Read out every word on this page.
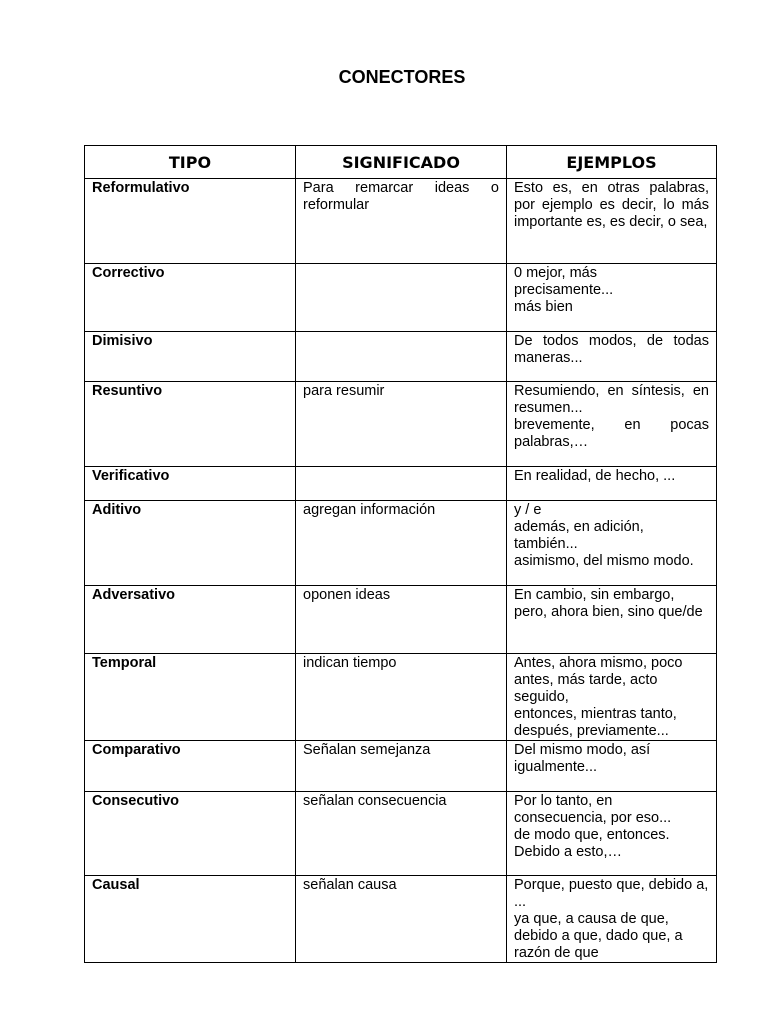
CONECTORES
TIPO	SIGNIFICADO	EJEMPLOS
Reformulativo	Para remarcar ideas o reformular	Esto es, en otras palabras, por ejemplo es decir, lo más importante es, es decir, o sea,

Correctivo		0 mejor, más
precisamente...
más bien

Dimisivo		De todos modos, de todas maneras...

Resuntivo	para resumir	Resumiendo, en síntesis, en resumen...
brevemente, en pocas palabras,…

Verificativo		En realidad, de hecho, ...

Aditivo	agregan información	y / e
además, en adición, también...
asimismo, del mismo modo.

Adversativo	oponen ideas	En cambio, sin embargo, pero, ahora bien, sino que/de

Temporal	indican tiempo	Antes, ahora mismo, poco antes, más tarde, acto seguido,
entonces, mientras tanto, después, previamente...

Comparativo	Señalan semejanza	Del mismo modo, así igualmente...

Consecutivo	señalan consecuencia	Por lo tanto, en consecuencia, por eso...
de modo que, entonces.
Debido a esto,…

Causal	señalan causa	Porque, puesto que, debido a, ...
ya que, a causa de que, debido a que, dado que, a razón de que
